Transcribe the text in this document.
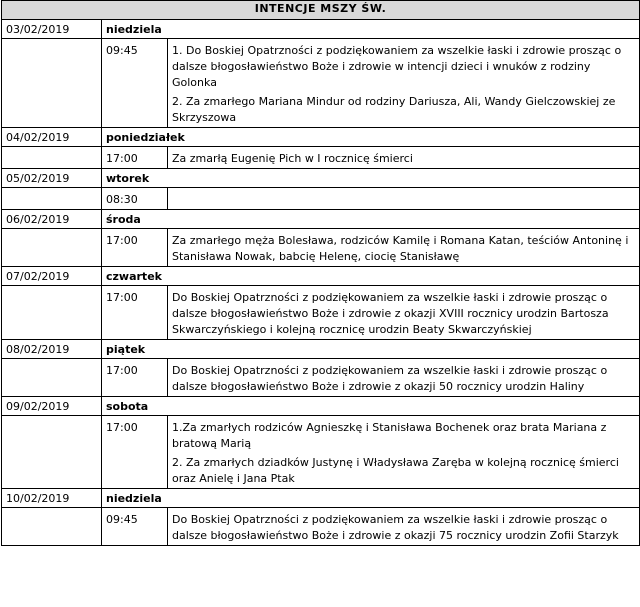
INTENCJE MSZY ŚW.		
03/02/2019	niedziela	
	09:45	1. Do Boskiej Opatrzności z podziękowaniem za wszelkie łaski i zdrowie prosząc o dalsze błogosławieństwo Boże i zdrowie w intencji dzieci i wnuków z rodziny Golonka
2. Za zmarłego Mariana Mindur od rodziny Dariusza, Ali, Wandy Gielczowskiej ze Skrzyszowa

04/02/2019	poniedziałek	
	17:00	Za zmarłą Eugenię Pich w I rocznicę śmierci

05/02/2019	wtorek	
	08:30	
06/02/2019	środa	
	17:00	Za zmarłego męża Bolesława, rodziców Kamilę i Romana Katan, teściów Antoninę i Stanisława Nowak, babcię Helenę, ciocię Stanisławę

07/02/2019	czwartek	
	17:00	Do Boskiej Opatrzności z podziękowaniem za wszelkie łaski i zdrowie prosząc o dalsze błogosławieństwo Boże i zdrowie z okazji XVIII rocznicy urodzin Bartosza Skwarczyńskiego i kolejną rocznicę urodzin Beaty Skwarczyńskiej

08/02/2019	piątek	
	17:00	Do Boskiej Opatrzności z podziękowaniem za wszelkie łaski i zdrowie prosząc o dalsze błogosławieństwo Boże i zdrowie z okazji 50 rocznicy urodzin Haliny

09/02/2019	sobota	
	17:00	1.Za zmarłych rodziców Agnieszkę i Stanisława Bochenek oraz brata Mariana z bratową Marią
2. Za zmarłych dziadków Justynę i Władysława Zaręba w kolejną rocznicę śmierci oraz Anielę i Jana Ptak

10/02/2019	niedziela	
	09:45	Do Boskiej Opatrzności z podziękowaniem za wszelkie łaski i zdrowie prosząc o dalsze błogosławieństwo Boże i zdrowie z okazji 75 rocznicy urodzin Zofii Starzyk
